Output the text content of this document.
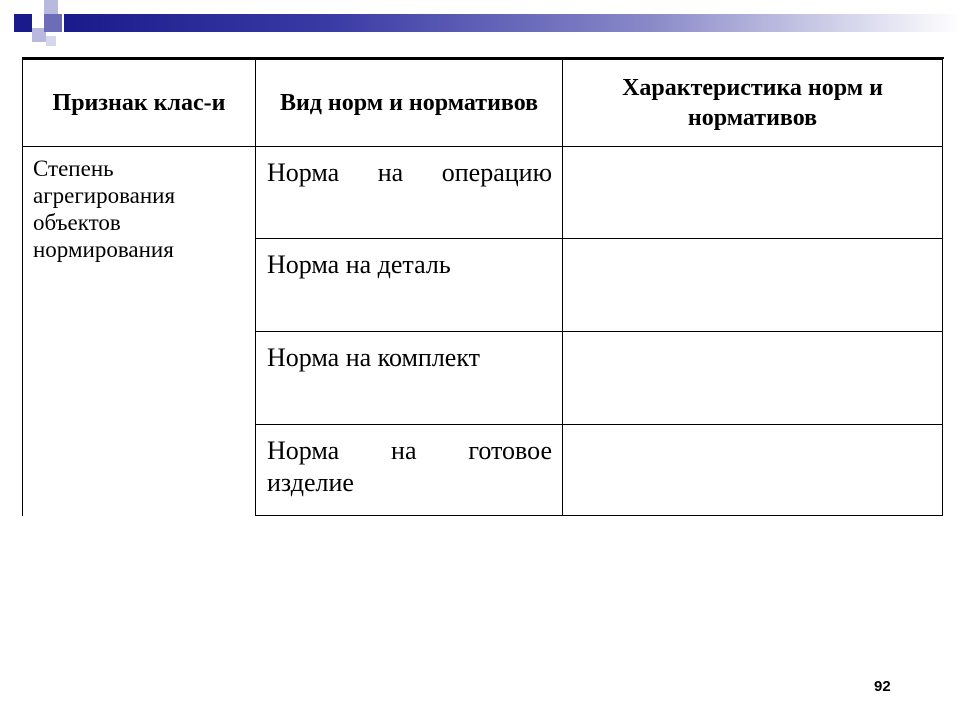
Признак клас-и	Вид норм и нормативов	Характеристика норм и нормативов
Степень агрегирования объектов нормирования	Норма на операцию	
	Норма на деталь	
	Норма на комплект	
	Норма на готовое изделие	
92
